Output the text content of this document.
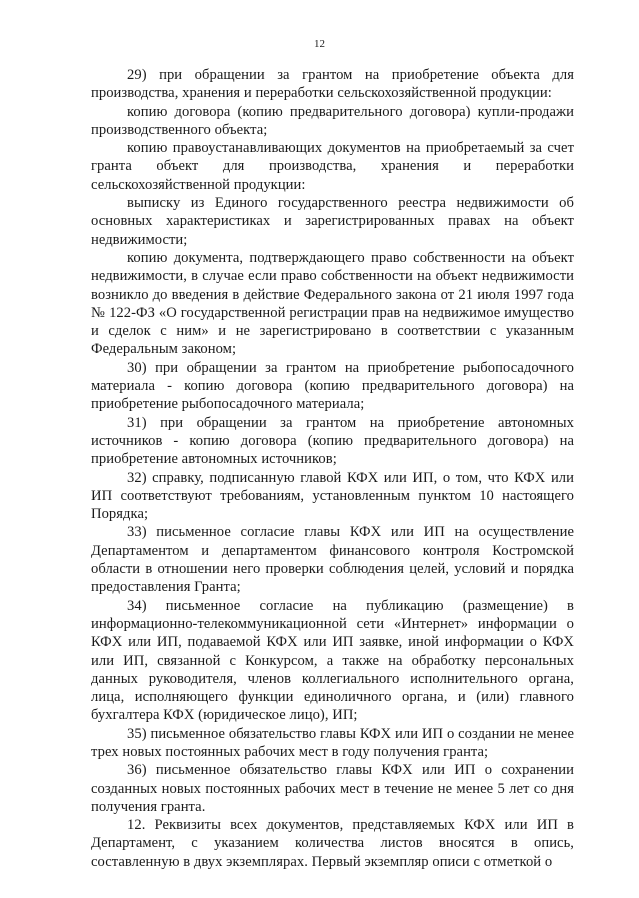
12

29) при обращении за грантом на приобретение объекта для производства, хранения и переработки сельскохозяйственной продукции:

копию договора (копию предварительного договора) купли-продажи производственного объекта;

копию правоустанавливающих документов на приобретаемый за счет гранта объект для производства, хранения и переработки сельскохозяйственной продукции:

выписку из Единого государственного реестра недвижимости об основных характеристиках и зарегистрированных правах на объект недвижимости;

копию документа, подтверждающего право собственности на объект недвижимости, в случае если право собственности на объект недвижимости возникло до введения в действие Федерального закона от 21 июля 1997 года № 122-ФЗ «О государственной регистрации прав на недвижимое имущество и сделок с ним» и не зарегистрировано в соответствии с указанным Федеральным законом;

30) при обращении за грантом на приобретение рыбопосадочного материала - копию договора (копию предварительного договора) на приобретение рыбопосадочного материала;

31) при обращении за грантом на приобретение автономных источников - копию договора (копию предварительного договора) на приобретение автономных источников;

32) справку, подписанную главой КФХ или ИП, о том, что КФХ или ИП соответствуют требованиям, установленным пунктом 10 настоящего Порядка;

33) письменное согласие главы КФХ или ИП на осуществление Департаментом и департаментом финансового контроля Костромской области в отношении него проверки соблюдения целей, условий и порядка предоставления Гранта;

34) письменное согласие на публикацию (размещение) в информационно-телекоммуникационной сети «Интернет» информации о КФХ или ИП, подаваемой КФХ или ИП заявке, иной информации о КФХ или ИП, связанной с Конкурсом, а также на обработку персональных данных руководителя, членов коллегиального исполнительного органа, лица, исполняющего функции единоличного органа, и (или) главного бухгалтера КФХ (юридическое лицо), ИП;

35) письменное обязательство главы КФХ или ИП о создании не менее трех новых постоянных рабочих мест в году получения гранта;

36) письменное обязательство главы КФХ или ИП о сохранении созданных новых постоянных рабочих мест в течение не менее 5 лет со дня получения гранта.

12. Реквизиты всех документов, представляемых КФХ или ИП в Департамент, с указанием количества листов вносятся в опись, составленную в двух экземплярах. Первый экземпляр описи с отметкой о
